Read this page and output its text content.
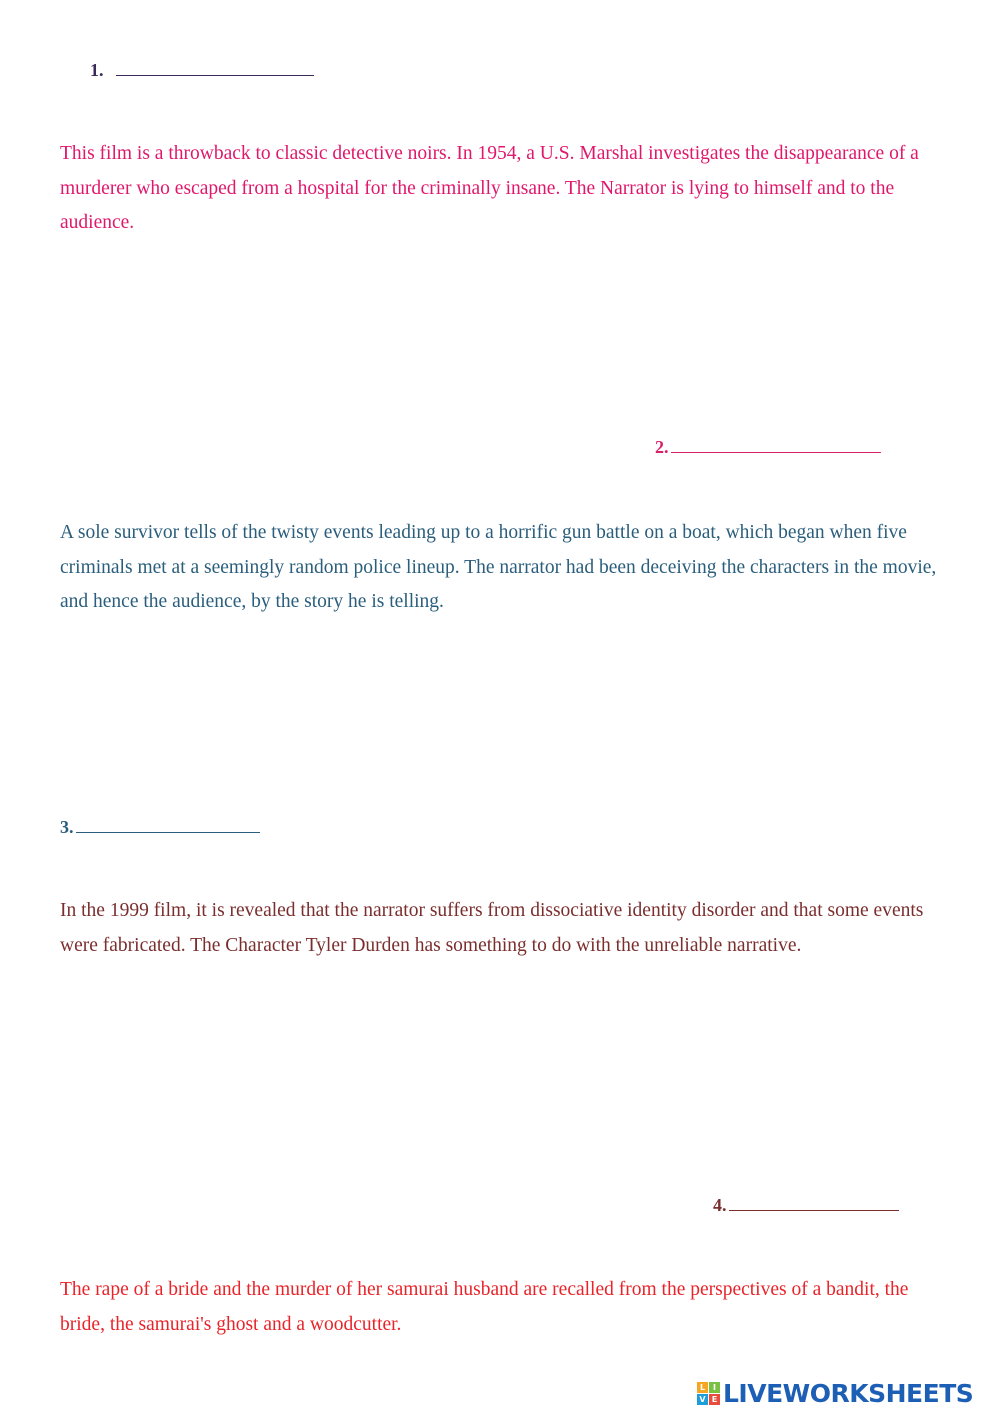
1.

This film is a throwback to classic detective noirs. In 1954, a U.S. Marshal investigates the disappearance of a murderer who escaped from a hospital for the criminally insane. The Narrator is lying to himself and to the audience.

2.

A sole survivor tells of the twisty events leading up to a horrific gun battle on a boat, which began when five criminals met at a seemingly random police lineup. The narrator had been deceiving the characters in the movie, and hence the audience, by the story he is telling.

3.

In the 1999 film, it is revealed that the narrator suffers from dissociative identity disorder and that some events were fabricated. The Character Tyler Durden has something to do with the unreliable narrative.

4.

The rape of a bride and the murder of her samurai husband are recalled from the perspectives of a bandit, the bride, the samurai's ghost and a woodcutter.

L I
V E LIVEWORKSHEETS
